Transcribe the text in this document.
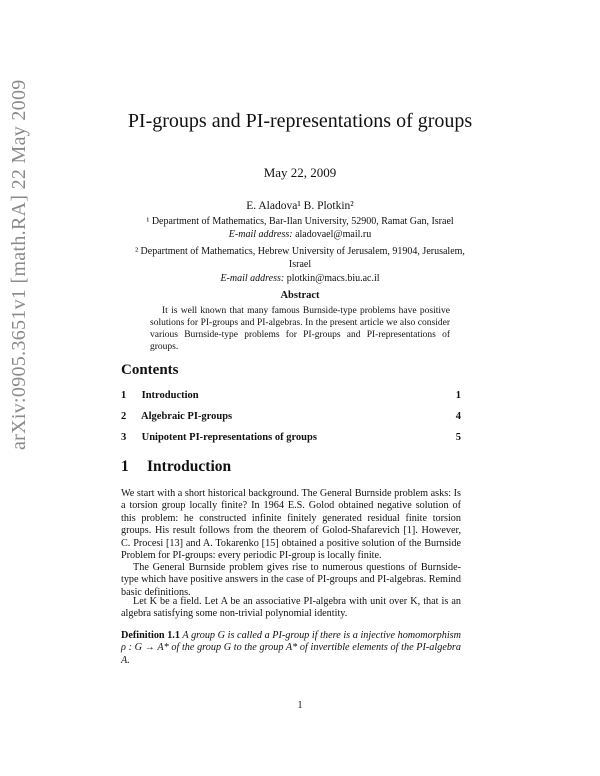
arXiv:0905.3651v1 [math.RA] 22 May 2009	PI-groups and PI-representations of groups
May 22, 2009
E. Aladova¹ B. Plotkin²
¹ Department of Mathematics, Bar-Ilan University, 52900, Ramat Gan, Israel
E-mail address: aladovael@mail.ru
² Department of Mathematics, Hebrew University of Jerusalem, 91904, Jerusalem, Israel
E-mail address: plotkin@macs.biu.ac.il
Abstract
It is well known that many famous Burnside-type problems have positive solutions for PI-groups and PI-algebras. In the present article we also consider various Burnside-type problems for PI-groups and PI-representations of groups.
Contents
1 Introduction	1
2 Algebraic PI-groups	4
3 Unipotent PI-representations of groups	5
1 Introduction
We start with a short historical background. The General Burnside problem asks: Is a torsion group locally finite? In 1964 E.S. Golod obtained negative solution of this problem: he constructed infinite finitely generated residual finite torsion groups. His result follows from the theorem of Golod-Shafarevich [1]. However, C. Procesi [13] and A. Tokarenko [15] obtained a positive solution of the Burnside Problem for PI-groups: every periodic PI-group is locally finite.
The General Burnside problem gives rise to numerous questions of Burnside-type which have positive answers in the case of PI-groups and PI-algebras. Remind basic definitions.
Let K be a field. Let A be an associative PI-algebra with unit over K, that is an algebra satisfying some non-trivial polynomial identity.
Definition 1.1 A group G is called a PI-group if there is a injective homomorphism ρ : G → A* of the group G to the group A* of invertible elements of the PI-algebra A.
1
